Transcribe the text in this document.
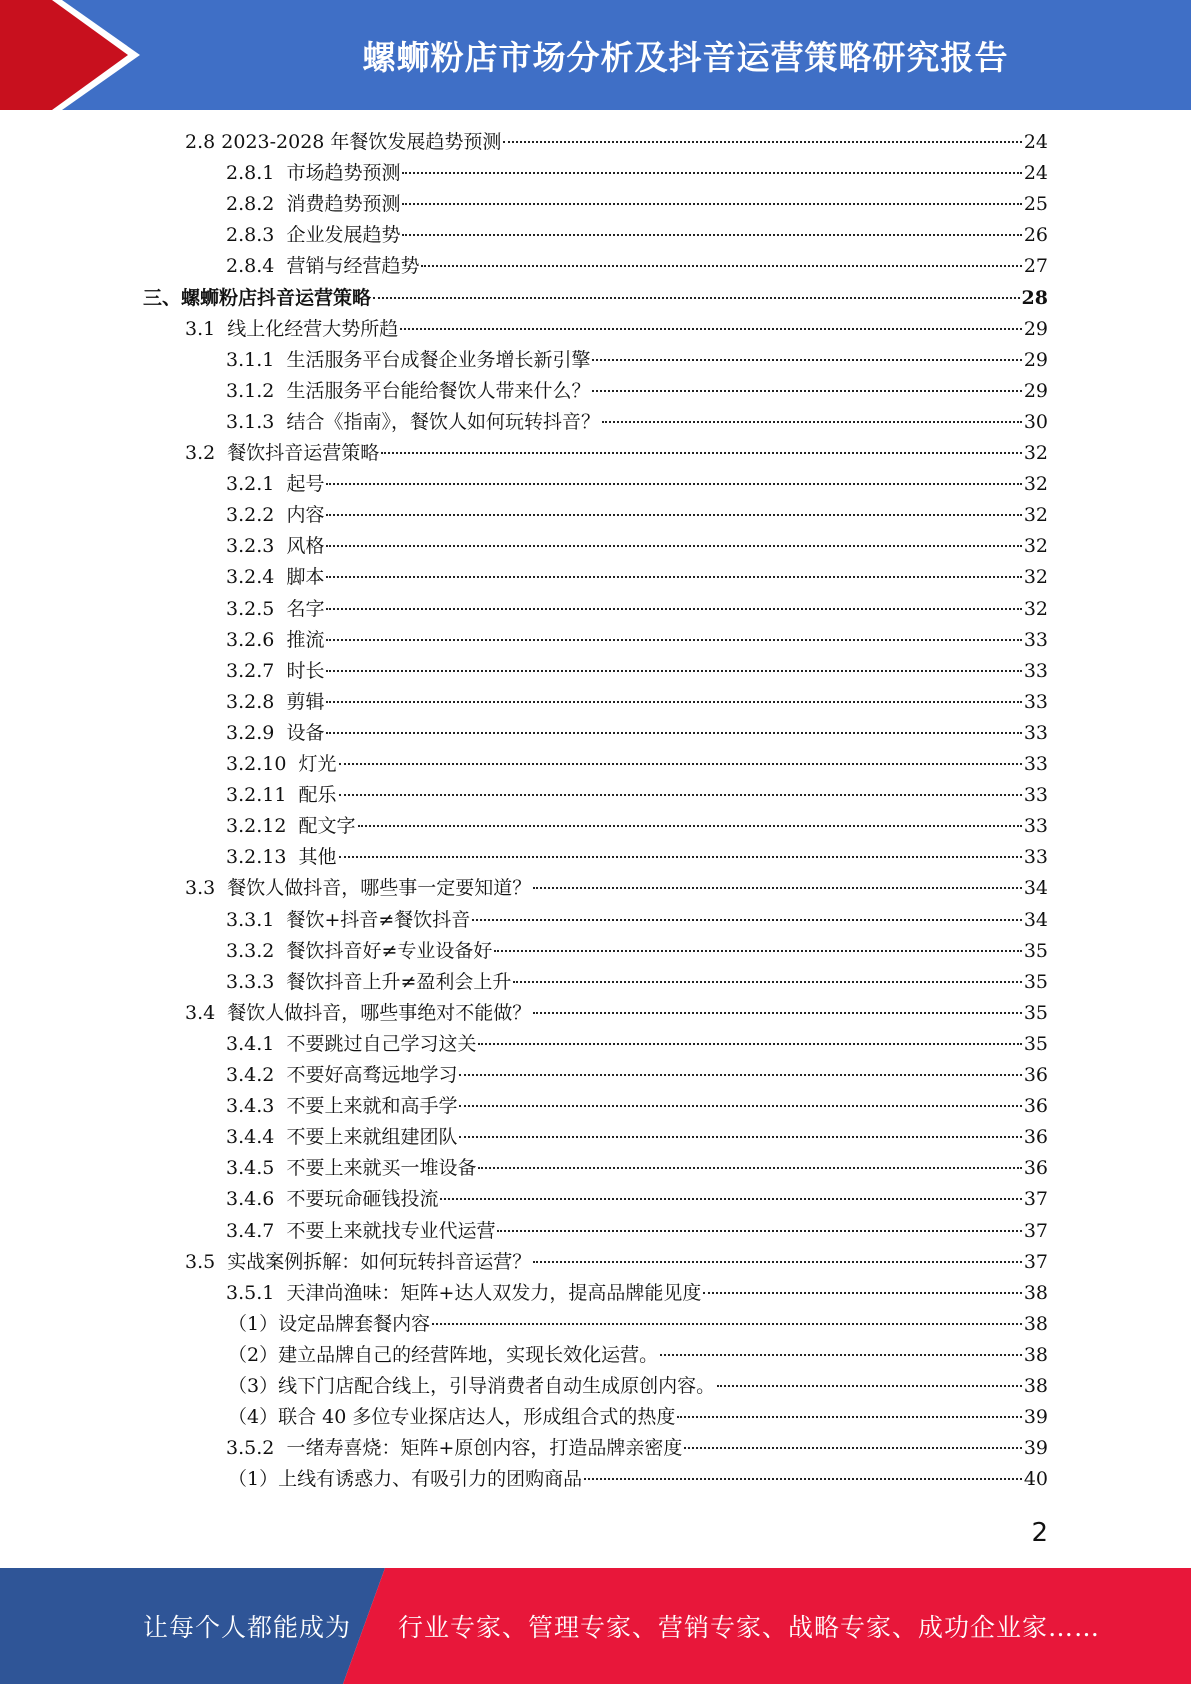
螺蛳粉店市场分析及抖音运营策略研究报告
2.8 2023-2028 年餐饮发展趋势预测	24
2.8.1 市场趋势预测	24
2.8.2 消费趋势预测	25
2.8.3 企业发展趋势	26
2.8.4 营销与经营趋势	27
三、 螺蛳粉店抖音运营策略	28
3.1 线上化经营大势所趋	29
3.1.1 生活服务平台成餐企业务增长新引擎	29
3.1.2 生活服务平台能给餐饮人带来什么？	29
3.1.3 结合《指南》，餐饮人如何玩转抖音？	30
3.2 餐饮抖音运营策略	32
3.2.1 起号	32
3.2.2 内容	32
3.2.3 风格	32
3.2.4 脚本	32
3.2.5 名字	32
3.2.6 推流	33
3.2.7 时长	33
3.2.8 剪辑	33
3.2.9 设备	33
3.2.10 灯光	33
3.2.11 配乐	33
3.2.12 配文字	33
3.2.13 其他	33
3.3 餐饮人做抖音，哪些事一定要知道？	34
3.3.1 餐饮+抖音≠餐饮抖音	34
3.3.2 餐饮抖音好≠专业设备好	35
3.3.3 餐饮抖音上升≠盈利会上升	35
3.4 餐饮人做抖音，哪些事绝对不能做？	35
3.4.1 不要跳过自己学习这关	35
3.4.2 不要好高骛远地学习	36
3.4.3 不要上来就和高手学	36
3.4.4 不要上来就组建团队	36
3.4.5 不要上来就买一堆设备	36
3.4.6 不要玩命砸钱投流	37
3.4.7 不要上来就找专业代运营	37
3.5 实战案例拆解：如何玩转抖音运营？	37
3.5.1 天津尚渔味：矩阵+达人双发力，提高品牌能见度	38
（1）设定品牌套餐内容	38
（2）建立品牌自己的经营阵地，实现长效化运营。	38
（3）线下门店配合线上，引导消费者自动生成原创内容。	38
（4）联合 40 多位专业探店达人，形成组合式的热度	39
3.5.2 一绪寿喜烧：矩阵+原创内容，打造品牌亲密度	39
（1）上线有诱惑力、有吸引力的团购商品	40
2
让每个人都能成为 行业专家、管理专家、营销专家、战略专家、成功企业家……
